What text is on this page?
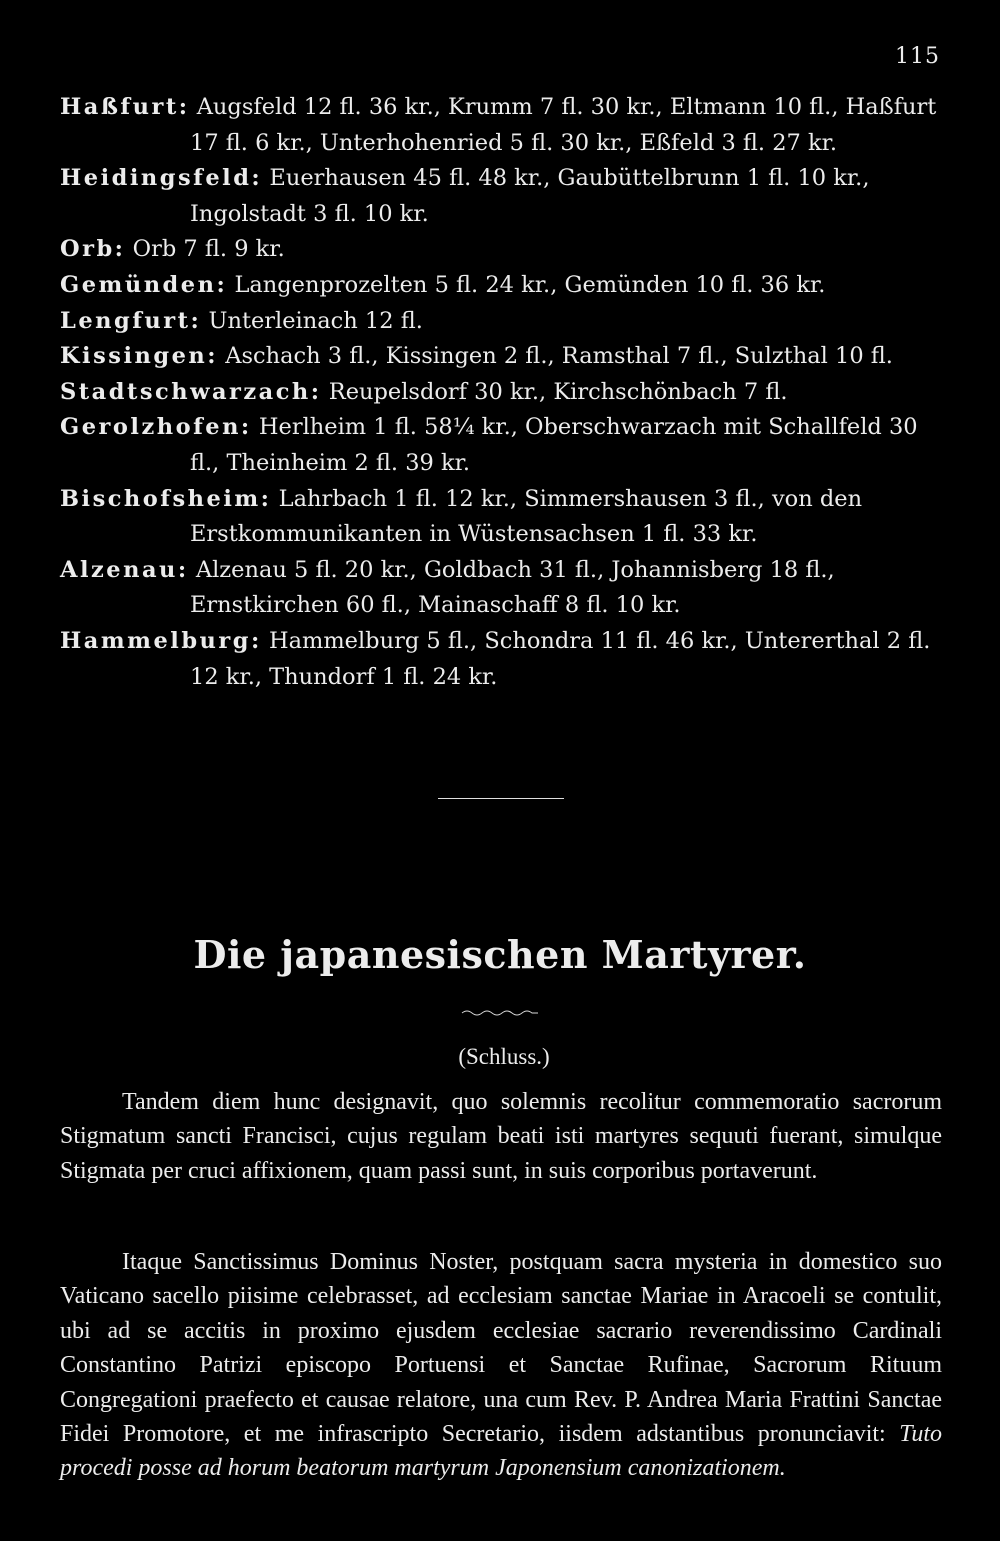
115
Haßfurt: Augsfeld 12 fl. 36 kr., Krumm 7 fl. 30 kr., Eltmann 10 fl., Haßfurt 17 fl. 6 kr., Unterhohenried 5 fl. 30 kr., Eßfeld 3 fl. 27 kr.
Heidingsfeld: Euerhausen 45 fl. 48 kr., Gaubüttelbrunn 1 fl. 10 kr., Ingolstadt 3 fl. 10 kr.
Orb: Orb 7 fl. 9 kr.
Gemünden: Langenprozelten 5 fl. 24 kr., Gemünden 10 fl. 36 kr.
Lengfurt: Unterleinach 12 fl.
Kissingen: Aschach 3 fl., Kissingen 2 fl., Ramsthal 7 fl., Sulzthal 10 fl.
Stadtschwarzach: Reupelsdorf 30 kr., Kirchschönbach 7 fl.
Gerolzhofen: Herlheim 1 fl. 58¼ kr., Oberschwarzach mit Schallfeld 30 fl., Theinheim 2 fl. 39 kr.
Bischofsheim: Lahrbach 1 fl. 12 kr., Simmershausen 3 fl., von den Erstkommunikanten in Wüstensachsen 1 fl. 33 kr.
Alzenau: Alzenau 5 fl. 20 kr., Goldbach 31 fl., Johannisberg 18 fl., Ernstkirchen 60 fl., Mainaschaff 8 fl. 10 kr.
Hammelburg: Hammelburg 5 fl., Schondra 11 fl. 46 kr., Untererthal 2 fl. 12 kr., Thundorf 1 fl. 24 kr.
Die japanesischen Martyrer.
(Schluss.)

Tandem diem hunc designavit, quo solemnis recolitur commemoratio sacrorum Stigmatum sancti Francisci, cujus regulam beati isti martyres sequuti fuerant, simulque Stigmata per cruci affixionem, quam passi sunt, in suis corporibus portaverunt.

Itaque Sanctissimus Dominus Noster, postquam sacra mysteria in domestico suo Vaticano sacello piisime celebrasset, ad ecclesiam sanctae Mariae in Aracoeli se contulit, ubi ad se accitis in proximo ejusdem ecclesiae sacrario reverendissimo Cardinali Constantino Patrizi episcopo Portuensi et Sanctae Rufinae, Sacrorum Rituum Congregationi praefecto et causae relatore, una cum Rev. P. Andrea Maria Frattini Sanctae Fidei Promotore, et me infrascripto Secretario, iisdem adstantibus pronunciavit: Tuto procedi posse ad horum beatorum martyrum Japonensium canonizationem.
